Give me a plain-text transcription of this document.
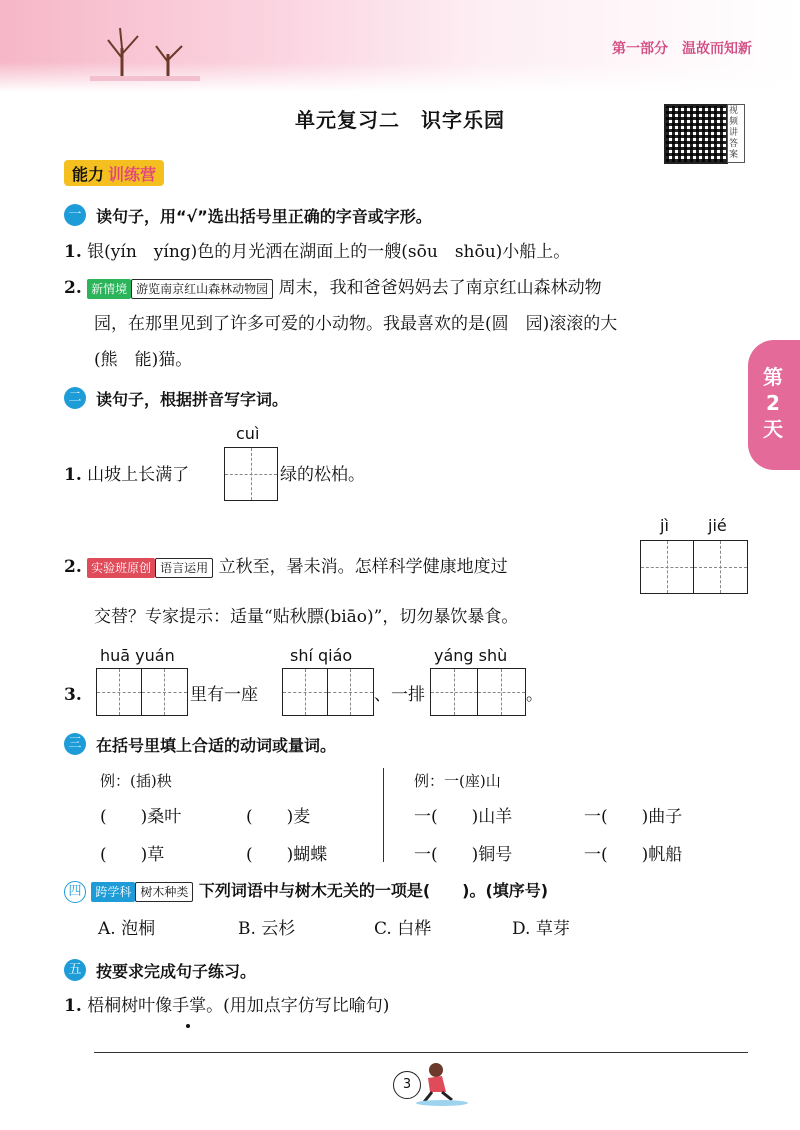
第一部分　温故而知新
单元复习二　识字乐园	视频讲答案
第2天
能力 训练营
一 读句子，用“√”选出括号里正确的字音或字形。
1. 银(yín　yíng)色的月光洒在湖面上的一艘(sōu　shōu)小船上。
2. 新情境 游览南京红山森林动物园 周末，我和爸爸妈妈去了南京红山森林动物
园，在那里见到了许多可爱的小动物。我最喜欢的是(圆　园)滚滚的大
(熊　能)猫。
二 读句子，根据拼音写字词。
cuì
1. 山坡上长满了	绿的松柏。
jì jié
2. 实验班原创 语言运用 立秋至，暑未消。怎样科学健康地度过
交替？专家提示：适量“贴秋膘(biāo)”，切勿暴饮暴食。
huā yuán	shí qiáo	yáng shù
3.	里有一座	、一排	。
三 在括号里填上合适的动词或量词。
例：(插)秧
(　　)桑叶	(　　)麦
(　　)草	(　　)蝴蝶
例：一(座)山
一(　　)山羊	一(　　)曲子
一(　　)铜号	一(　　)帆船
四 跨学科 树木种类 下列词语中与树木无关的一项是(　　)。(填序号)
A. 泡桐	B. 云杉	C. 白桦	D. 草芽
五 按要求完成句子练习。
1. 梧桐树叶像手掌。(用加点字仿写比喻句)
3
